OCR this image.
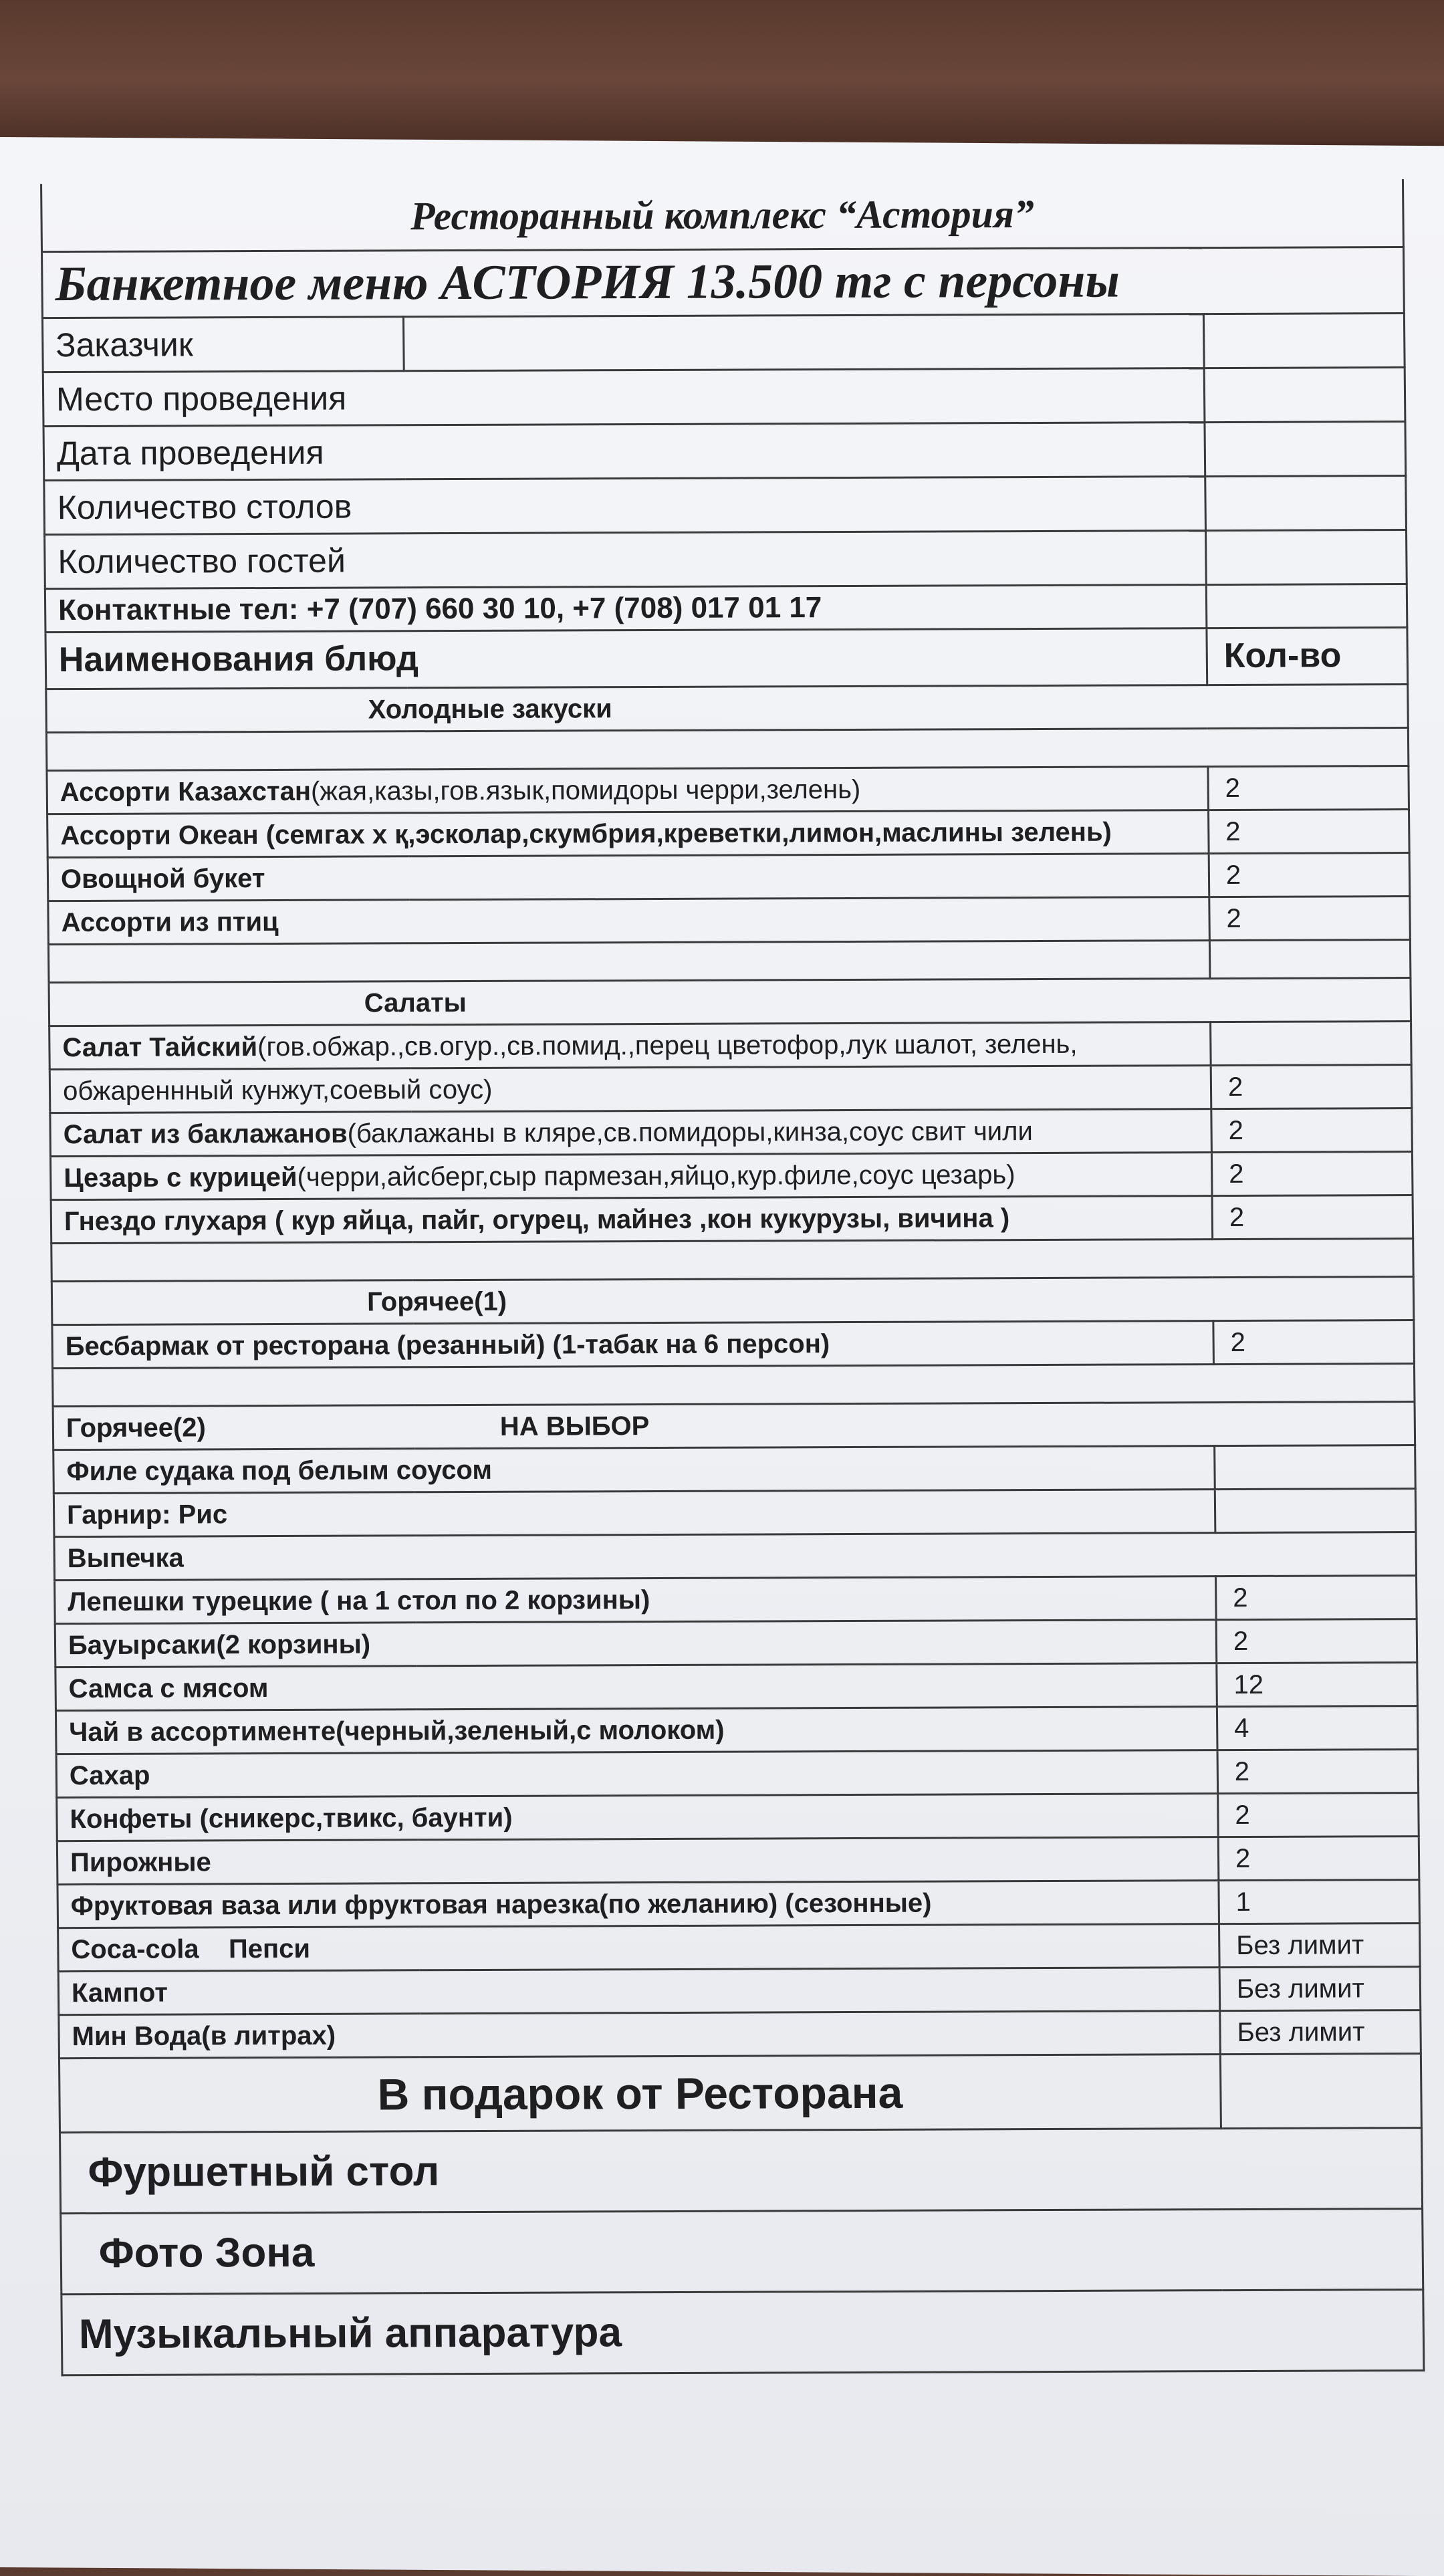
Ресторанный комплекс “Астория”		
Банкетное меню АСТОРИЯ 13.500 тг с персоны		
Заказчик		
Место проведения		
Дата проведения		
Количество столов		
Количество гостей		
Контактные тел: +7 (707) 660 30 10, +7 (708) 017 01 17		
Наименования блюд		Кол-во
Холодные закуски		

Ассорти Казахстан(жая,казы,гов.язык,помидоры черри,зелень)		2
Ассорти Океан (семгах х қ,эсколар,скумбрия,креветки,лимон,маслины зелень)		2
Овощной букет		2
Ассорти из птиц		2

Салаты		
Салат Тайский(гов.обжар.,св.огур.,св.помид.,перец цветофор,лук шалот, зелень,		
обжареннный кунжут,соевый соус)		2
Салат из баклажанов(баклажаны в кляре,св.помидоры,кинза,соус свит чили		2
Цезарь с курицей(черри,айсберг,сыр пармезан,яйцо,кур.филе,соус цезарь)		2
Гнездо глухаря ( кур яйца, пайг, огурец, майнез ,кон кукурузы, вичина )		2

Горячее(1)		
Бесбармак от ресторана (резанный) (1-табак на 6 персон)		2

Горячее(2) НА ВЫБОР		
Филе судака под белым соусом		
Гарнир: Рис		
Выпечка		
Лепешки турецкие ( на 1 стол по 2 корзины)		2
Бауырсаки(2 корзины)		2
Самса с мясом		12
Чай в ассортименте(черный,зеленый,с молоком)		4
Сахар		2
Конфеты (сникерс,твикс, баунти)		2
Пирожные		2
Фруктовая ваза или фруктовая нарезка(по желанию) (сезонные)		1
Coca-cola    Пепси		Без лимит
Кампот		Без лимит
Мин Вода(в литрах)		Без лимит
В подарок от Ресторана		
Фуршетный стол		
Фото Зона		
Музыкальный аппаратура		
